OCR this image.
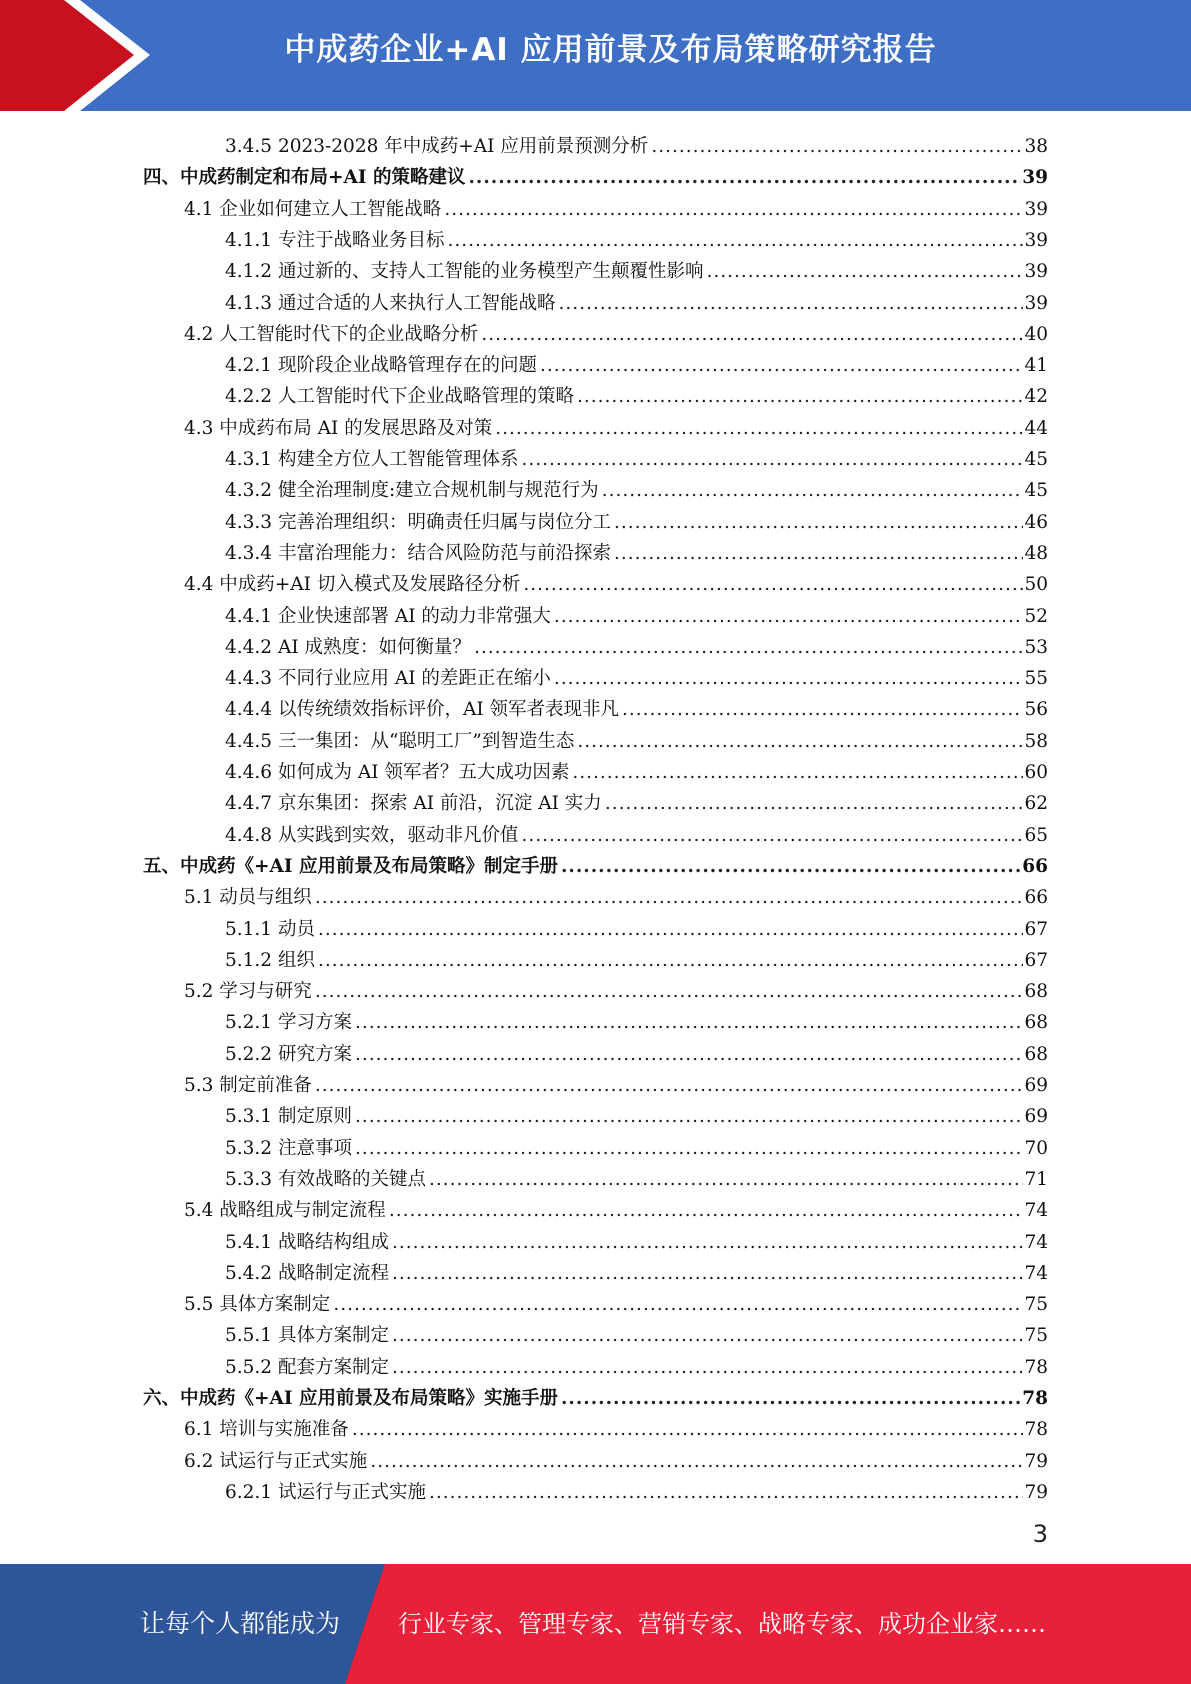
中成药企业+AI 应用前景及布局策略研究报告
3.4.5 2023-2028 年中成药+AI 应用前景预测分析 .....	38
四、中成药制定和布局+AI 的策略建议 .....	39
4.1 企业如何建立人工智能战略 .....	39
4.1.1 专注于战略业务目标 .....	39
4.1.2 通过新的、支持人工智能的业务模型产生颠覆性影响 .....	39
4.1.3 通过合适的人来执行人工智能战略 .....	39
4.2 人工智能时代下的企业战略分析 .....	40
4.2.1 现阶段企业战略管理存在的问题 .....	41
4.2.2 人工智能时代下企业战略管理的策略 .....	42
4.3 中成药布局 AI 的发展思路及对策 .....	44
4.3.1 构建全方位人工智能管理体系 .....	45
4.3.2 健全治理制度:建立合规机制与规范行为 .....	45
4.3.3 完善治理组织：明确责任归属与岗位分工 .....	46
4.3.4 丰富治理能力：结合风险防范与前沿探索 .....	48
4.4 中成药+AI 切入模式及发展路径分析 .....	50
4.4.1 企业快速部署 AI 的动力非常强大 .....	52
4.4.2 AI 成熟度：如何衡量？ .....	53
4.4.3 不同行业应用 AI 的差距正在缩小 .....	55
4.4.4 以传统绩效指标评价，AI 领军者表现非凡 .....	56
4.4.5 三一集团：从“聪明工厂”到智造生态 .....	58
4.4.6 如何成为 AI 领军者？五大成功因素 .....	60
4.4.7 京东集团：探索 AI 前沿，沉淀 AI 实力 .....	62
4.4.8 从实践到实效，驱动非凡价值 .....	65
五、中成药《+AI 应用前景及布局策略》制定手册 .....	66
5.1 动员与组织 .....	66
5.1.1 动员 .....	67
5.1.2 组织 .....	67
5.2 学习与研究 .....	68
5.2.1 学习方案 .....	68
5.2.2 研究方案 .....	68
5.3 制定前准备 .....	69
5.3.1 制定原则 .....	69
5.3.2 注意事项 .....	70
5.3.3 有效战略的关键点 .....	71
5.4 战略组成与制定流程 .....	74
5.4.1 战略结构组成 .....	74
5.4.2 战略制定流程 .....	74
5.5 具体方案制定 .....	75
5.5.1 具体方案制定 .....	75
5.5.2 配套方案制定 .....	78
六、中成药《+AI 应用前景及布局策略》实施手册 .....	78
6.1 培训与实施准备 .....	78
6.2 试运行与正式实施 .....	79
6.2.1 试运行与正式实施 .....	79
3
让每个人都能成为 行业专家、管理专家、营销专家、战略专家、成功企业家……
